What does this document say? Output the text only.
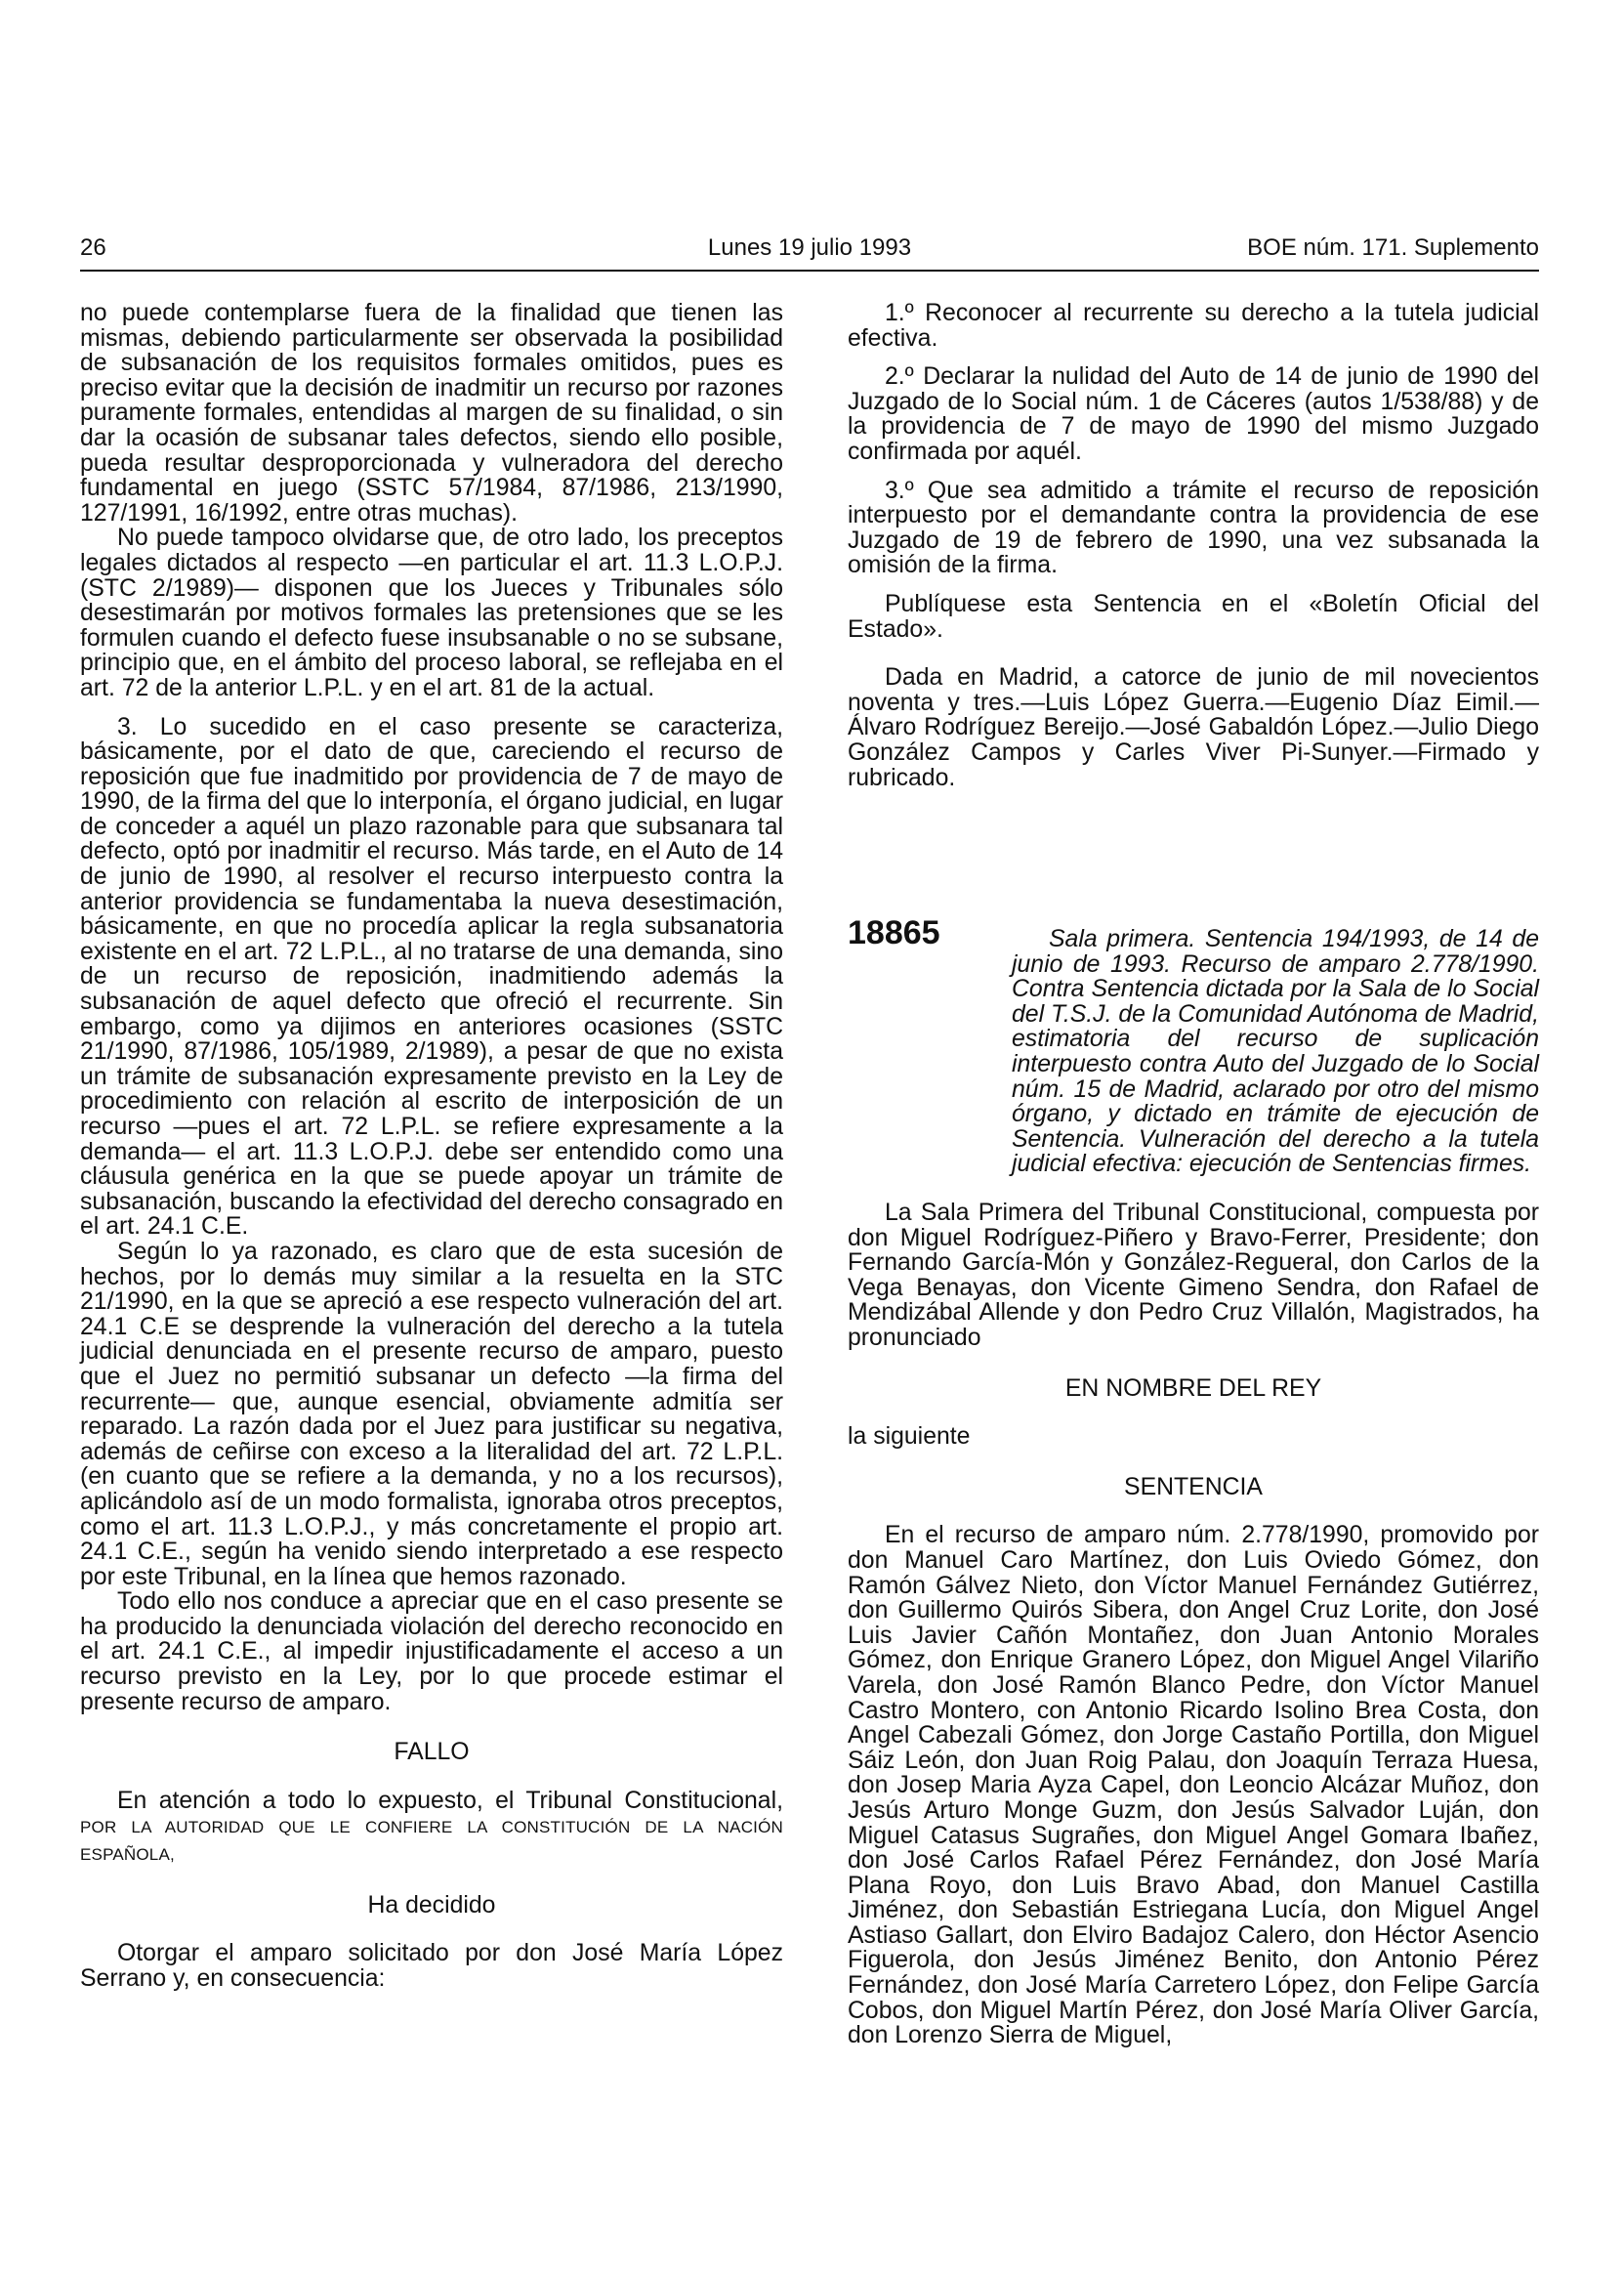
26	Lunes 19 julio 1993	BOE núm. 171. Suplemento

no puede contemplarse fuera de la finalidad que tienen las mismas, debiendo particularmente ser observada la posibilidad de subsanación de los requisitos formales omitidos, pues es preciso evitar que la decisión de inadmitir un recurso por razones puramente formales, entendidas al margen de su finalidad, o sin dar la ocasión de subsanar tales defectos, siendo ello posible, pueda resultar desproporcionada y vulneradora del derecho fundamental en juego (SSTC 57/1984, 87/1986, 213/1990, 127/1991, 16/1992, entre otras muchas).

No puede tampoco olvidarse que, de otro lado, los preceptos legales dictados al respecto —en particular el art. 11.3 L.O.P.J. (STC 2/1989)— disponen que los Jueces y Tribunales sólo desestimarán por motivos formales las pretensiones que se les formulen cuando el defecto fuese insubsanable o no se subsane, principio que, en el ámbito del proceso laboral, se reflejaba en el art. 72 de la anterior L.P.L. y en el art. 81 de la actual.

3. Lo sucedido en el caso presente se caracteriza, básicamente, por el dato de que, careciendo el recurso de reposición que fue inadmitido por providencia de 7 de mayo de 1990, de la firma del que lo interponía, el órgano judicial, en lugar de conceder a aquél un plazo razonable para que subsanara tal defecto, optó por inadmitir el recurso. Más tarde, en el Auto de 14 de junio de 1990, al resolver el recurso interpuesto contra la anterior providencia se fundamentaba la nueva desestimación, básicamente, en que no procedía aplicar la regla subsanatoria existente en el art. 72 L.P.L., al no tratarse de una demanda, sino de un recurso de reposición, inadmitiendo además la subsanación de aquel defecto que ofreció el recurrente. Sin embargo, como ya dijimos en anteriores ocasiones (SSTC 21/1990, 87/1986, 105/1989, 2/1989), a pesar de que no exista un trámite de subsanación expresamente previsto en la Ley de procedimiento con relación al escrito de interposición de un recurso —pues el art. 72 L.P.L. se refiere expresamente a la demanda— el art. 11.3 L.O.P.J. debe ser entendido como una cláusula genérica en la que se puede apoyar un trámite de subsanación, buscando la efectividad del derecho consagrado en el art. 24.1 C.E.

Según lo ya razonado, es claro que de esta sucesión de hechos, por lo demás muy similar a la resuelta en la STC 21/1990, en la que se apreció a ese respecto vulneración del art. 24.1 C.E se desprende la vulneración del derecho a la tutela judicial denunciada en el presente recurso de amparo, puesto que el Juez no permitió subsanar un defecto —la firma del recurrente— que, aunque esencial, obviamente admitía ser reparado. La razón dada por el Juez para justificar su negativa, además de ceñirse con exceso a la literalidad del art. 72 L.P.L. (en cuanto que se refiere a la demanda, y no a los recursos), aplicándolo así de un modo formalista, ignoraba otros preceptos, como el art. 11.3 L.O.P.J., y más concretamente el propio art. 24.1 C.E., según ha venido siendo interpretado a ese respecto por este Tribunal, en la línea que hemos razonado.

Todo ello nos conduce a apreciar que en el caso presente se ha producido la denunciada violación del derecho reconocido en el art. 24.1 C.E., al impedir injustificadamente el acceso a un recurso previsto en la Ley, por lo que procede estimar el presente recurso de amparo.

FALLO

En atención a todo lo expuesto, el Tribunal Constitucional, POR LA AUTORIDAD QUE LE CONFIERE LA CONSTITUCIÓN DE LA NACIÓN ESPAÑOLA,

Ha decidido

Otorgar el amparo solicitado por don José María López Serrano y, en consecuencia:

1.º Reconocer al recurrente su derecho a la tutela judicial efectiva.

2.º Declarar la nulidad del Auto de 14 de junio de 1990 del Juzgado de lo Social núm. 1 de Cáceres (autos 1/538/88) y de la providencia de 7 de mayo de 1990 del mismo Juzgado confirmada por aquél.

3.º Que sea admitido a trámite el recurso de reposición interpuesto por el demandante contra la providencia de ese Juzgado de 19 de febrero de 1990, una vez subsanada la omisión de la firma.

Publíquese esta Sentencia en el «Boletín Oficial del Estado».

Dada en Madrid, a catorce de junio de mil novecientos noventa y tres.—Luis López Guerra.—Eugenio Díaz Eimil.— Álvaro Rodríguez Bereijo.—José Gabaldón López.—Julio Diego González Campos y Carles Viver Pi-Sunyer.—Firmado y rubricado.

18865	Sala primera. Sentencia 194/1993, de 14 de junio de 1993. Recurso de amparo 2.778/1990. Contra Sentencia dictada por la Sala de lo Social del T.S.J. de la Comunidad Autónoma de Madrid, estimatoria del recurso de suplicación interpuesto contra Auto del Juzgado de lo Social núm. 15 de Madrid, aclarado por otro del mismo órgano, y dictado en trámite de ejecución de Sentencia. Vulneración del derecho a la tutela judicial efectiva: ejecución de Sentencias firmes.

La Sala Primera del Tribunal Constitucional, compuesta por don Miguel Rodríguez-Piñero y Bravo-Ferrer, Presidente; don Fernando García-Món y González-Regueral, don Carlos de la Vega Benayas, don Vicente Gimeno Sendra, don Rafael de Mendizábal Allende y don Pedro Cruz Villalón, Magistrados, ha pronunciado

EN NOMBRE DEL REY

la siguiente

SENTENCIA

En el recurso de amparo núm. 2.778/1990, promovido por don Manuel Caro Martínez, don Luis Oviedo Gómez, don Ramón Gálvez Nieto, don Víctor Manuel Fernández Gutiérrez, don Guillermo Quirós Sibera, don Angel Cruz Lorite, don José Luis Javier Cañón Montañez, don Juan Antonio Morales Gómez, don Enrique Granero López, don Miguel Angel Vilariño Varela, don José Ramón Blanco Pedre, don Víctor Manuel Castro Montero, con Antonio Ricardo Isolino Brea Costa, don Angel Cabezali Gómez, don Jorge Castaño Portilla, don Miguel Sáiz León, don Juan Roig Palau, don Joaquín Terraza Huesa, don Josep Maria Ayza Capel, don Leoncio Alcázar Muñoz, don Jesús Arturo Monge Guzm, don Jesús Salvador Luján, don Miguel Catasus Sugrañes, don Miguel Angel Gomara Ibañez, don José Carlos Rafael Pérez Fernández, don José María Plana Royo, don Luis Bravo Abad, don Manuel Castilla Jiménez, don Sebastián Estriegana Lucía, don Miguel Angel Astiaso Gallart, don Elviro Badajoz Calero, don Héctor Asencio Figuerola, don Jesús Jiménez Benito, don Antonio Pérez Fernández, don José María Carretero López, don Felipe García Cobos, don Miguel Martín Pérez, don José María Oliver García, don Lorenzo Sierra de Miguel,
